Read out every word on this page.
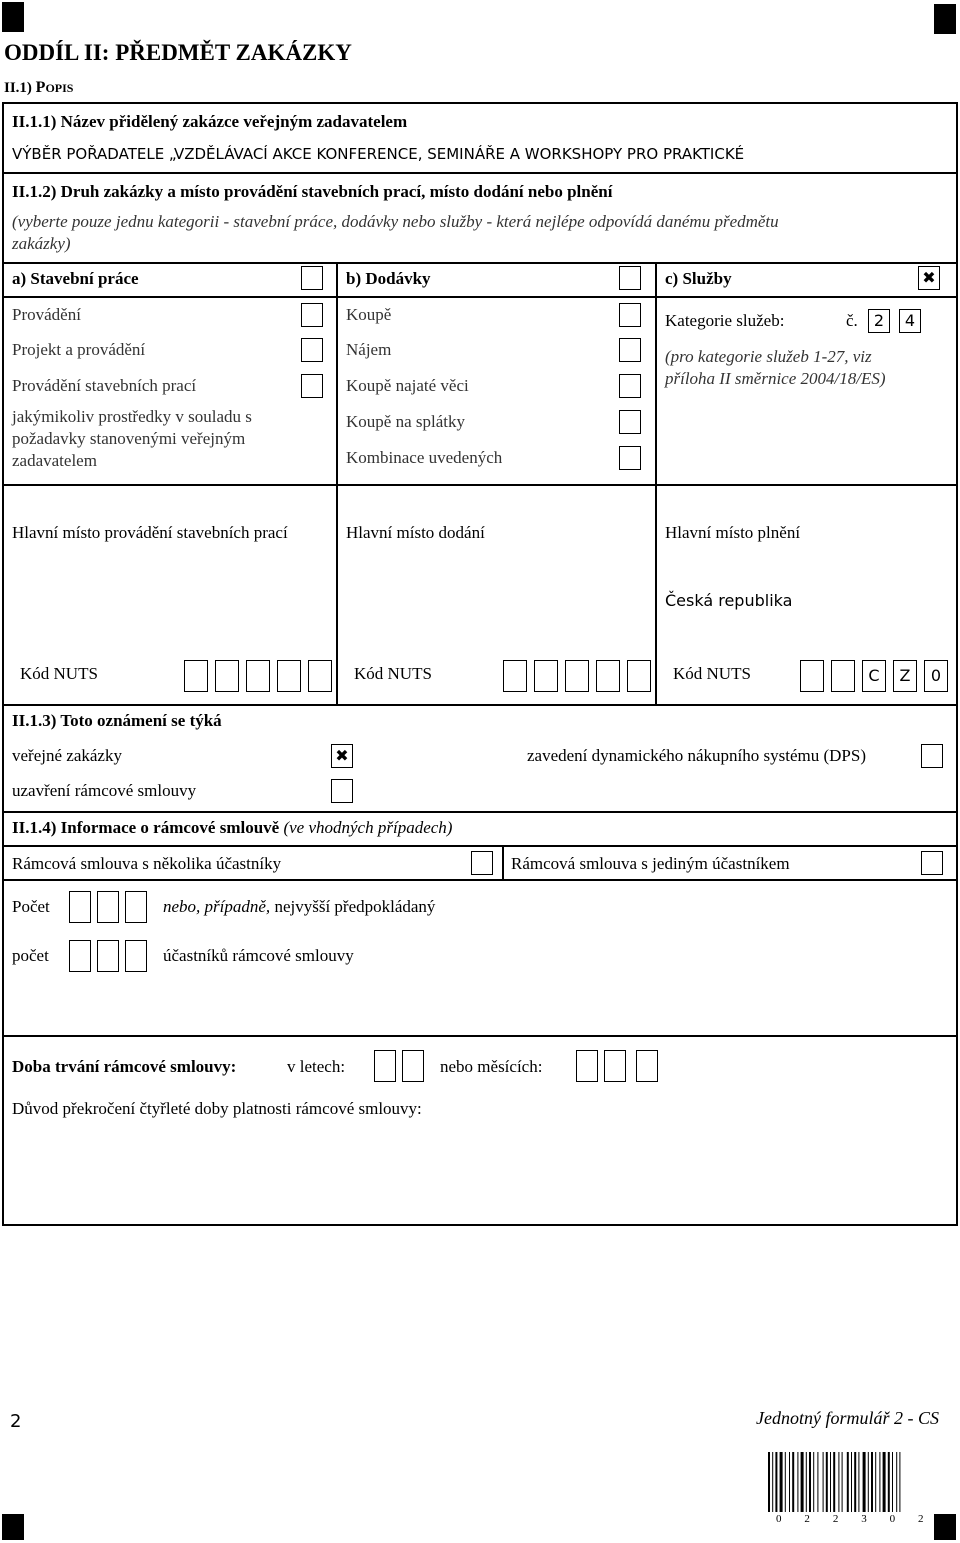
ODDÍL II: PŘEDMĚT ZAKÁZKY
II.1) POPIS
II.1.1) Název přidělený zakázce veřejným zadavatelem
VÝBĚR POŘADATELE „VZDĚLÁVACÍ AKCE KONFERENCE, SEMINÁŘE A WORKSHOPY PRO PRAKTICKÉ
II.1.2) Druh zakázky a místo provádění stavebních prací, místo dodání nebo plnění
(vyberte pouze jednu kategorii - stavební práce, dodávky nebo služby - která nejlépe odpovídá danému předmětu
zakázky)
a) Stavební práce
Provádění
Projekt a provádění
Provádění stavebních prací
jakýmikoliv prostředky v souladu s
požadavky stanovenými veřejným
zadavatelem
b) Dodávky
Koupě
Nájem
Koupě najaté věci
Koupě na splátky
Kombinace uvedených
c) Služby
✖
Kategorie služeb:	č.	2	4
(pro kategorie služeb 1-27, viz
příloha II směrnice 2004/18/ES)
Hlavní místo provádění stavebních prací	Hlavní místo dodání	Hlavní místo plnění
Česká republika
Kód NUTS	Kód NUTS	Kód NUTS	C	Z	0
II.1.3) Toto oznámení se týká
veřejné zakázky
✖	zavedení dynamického nákupního systému (DPS)
uzavření rámcové smlouvy
II.1.4) Informace o rámcové smlouvě (ve vhodných případech)
Rámcová smlouva s několika účastníky	Rámcová smlouva s jediným účastníkem
Počet	nebo, případně, nejvyšší předpokládaný
počet	účastníků rámcové smlouvy
Doba trvání rámcové smlouvy:	v letech:	nebo měsících:
Důvod překročení čtyřleté doby platnosti rámcové smlouvy:
2	Jednotný formulář 2 - CS
0 2 2 3 0 2 1
